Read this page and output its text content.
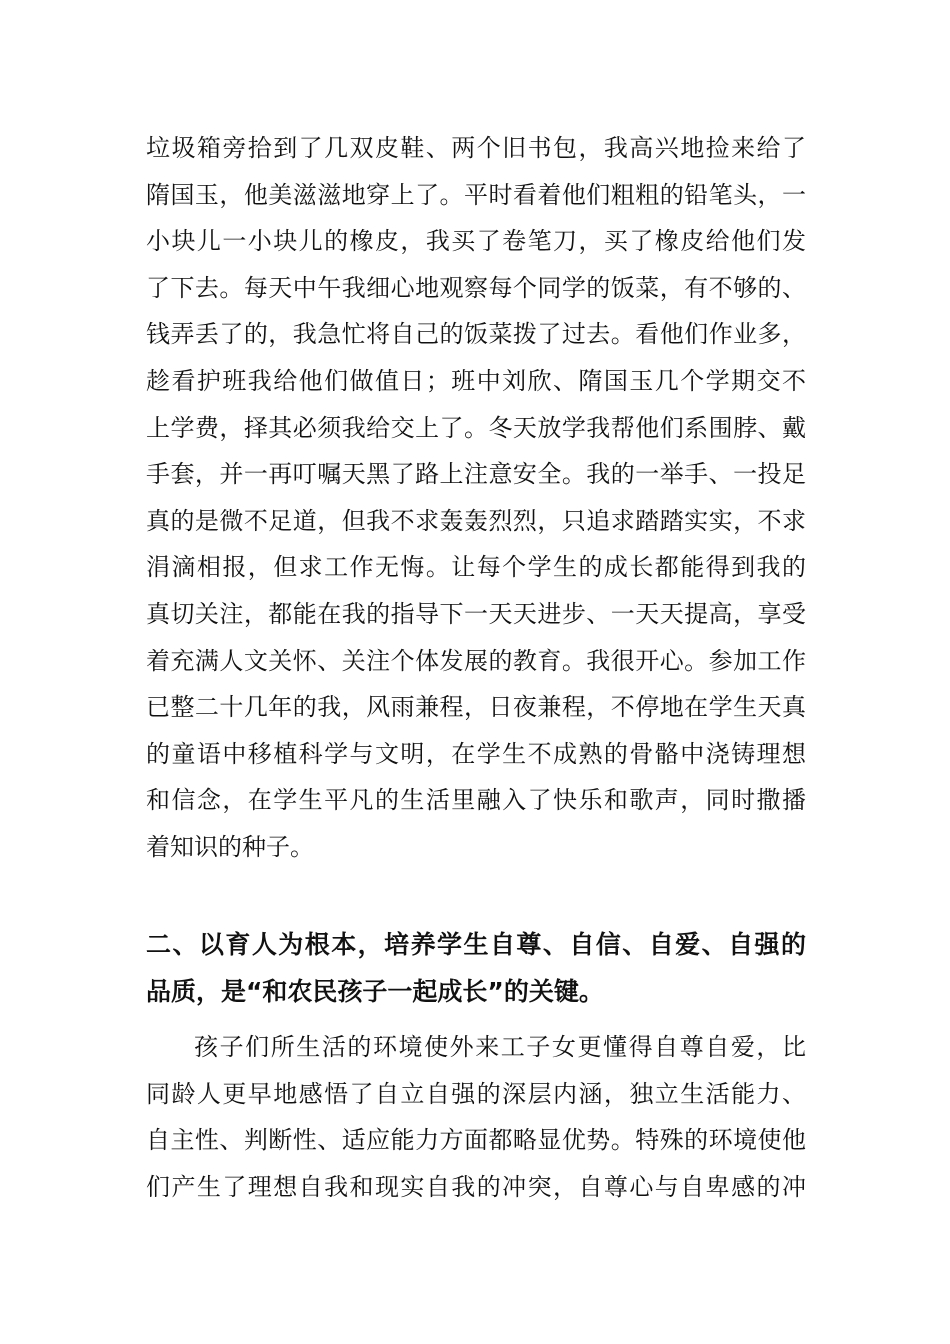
垃圾箱旁拾到了几双皮鞋、两个旧书包，我高兴地捡来给了
隋国玉，他美滋滋地穿上了。平时看着他们粗粗的铅笔头，一
小块儿一小块儿的橡皮，我买了卷笔刀，买了橡皮给他们发
了下去。每天中午我细心地观察每个同学的饭菜，有不够的、
钱弄丢了的，我急忙将自己的饭菜拨了过去。看他们作业多，
趁看护班我给他们做值日；班中刘欣、隋国玉几个学期交不
上学费，择其必须我给交上了。冬天放学我帮他们系围脖、戴
手套，并一再叮嘱天黑了路上注意安全。我的一举手、一投足
真的是微不足道，但我不求轰轰烈烈，只追求踏踏实实，不求
涓滴相报，但求工作无悔。让每个学生的成长都能得到我的
真切关注，都能在我的指导下一天天进步、一天天提高，享受
着充满人文关怀、关注个体发展的教育。我很开心。参加工作
已整二十几年的我，风雨兼程，日夜兼程，不停地在学生天真
的童语中移植科学与文明，在学生不成熟的骨骼中浇铸理想
和信念，在学生平凡的生活里融入了快乐和歌声，同时撒播
着知识的种子。
二、以育人为根本，培养学生自尊、自信、自爱、自强的
品质，是“和农民孩子一起成长”的关键。
孩子们所生活的环境使外来工子女更懂得自尊自爱，比
同龄人更早地感悟了自立自强的深层内涵，独立生活能力、
自主性、判断性、适应能力方面都略显优势。特殊的环境使他
们产生了理想自我和现实自我的冲突，自尊心与自卑感的冲
